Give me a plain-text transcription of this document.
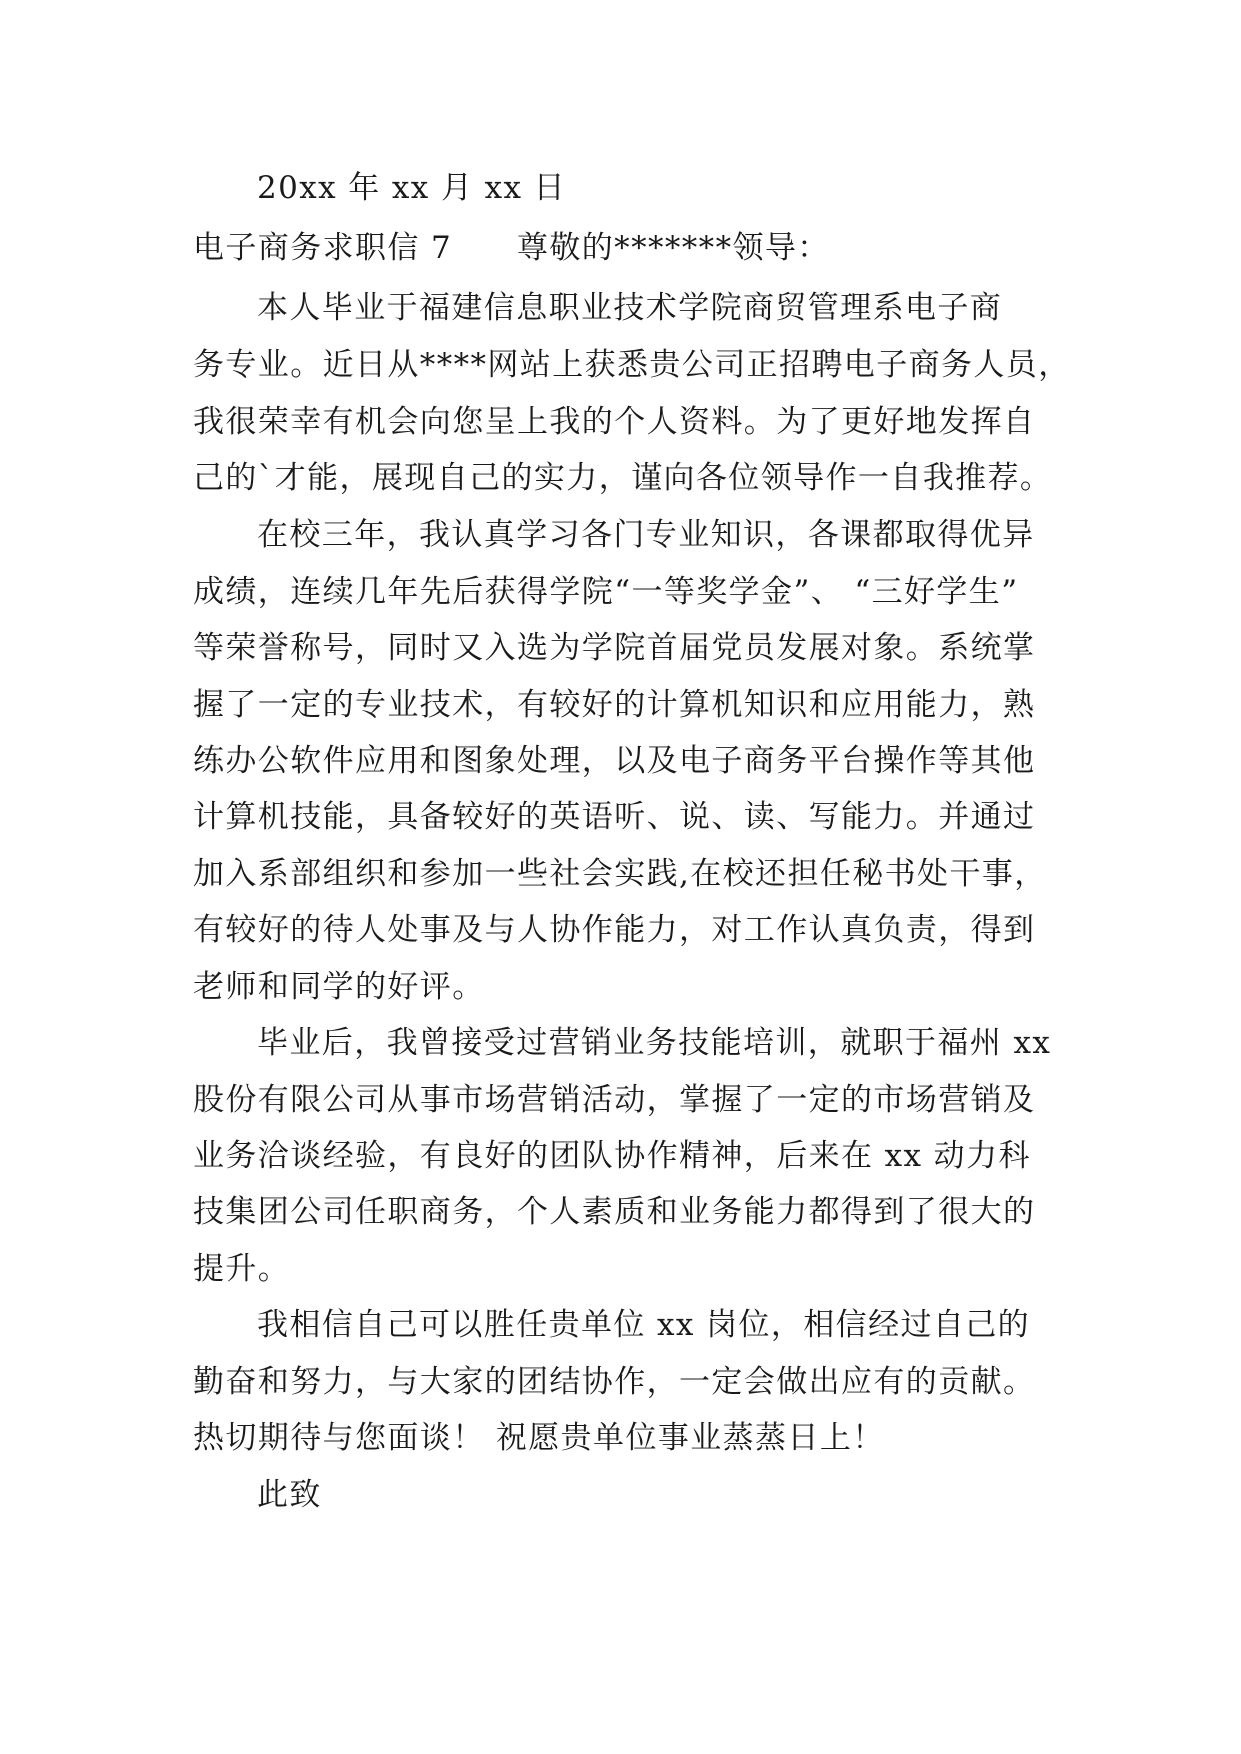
20xx 年 xx 月 xx 日
电子商务求职信 7　　尊敬的*******领导：
本人毕业于福建信息职业技术学院商贸管理系电子商
务专业。近日从****网站上获悉贵公司正招聘电子商务人员，
我很荣幸有机会向您呈上我的个人资料。为了更好地发挥自
己的`才能，展现自己的实力，谨向各位领导作一自我推荐。
在校三年，我认真学习各门专业知识，各课都取得优异
成绩，连续几年先后获得学院“一等奖学金”、 “三好学生”
等荣誉称号，同时又入选为学院首届党员发展对象。系统掌
握了一定的专业技术，有较好的计算机知识和应用能力，熟
练办公软件应用和图象处理，以及电子商务平台操作等其他
计算机技能，具备较好的英语听、说、读、写能力。并通过
加入系部组织和参加一些社会实践,在校还担任秘书处干事，
有较好的待人处事及与人协作能力，对工作认真负责，得到
老师和同学的好评。
毕业后，我曾接受过营销业务技能培训，就职于福州 xx
股份有限公司从事市场营销活动，掌握了一定的市场营销及
业务洽谈经验，有良好的团队协作精神，后来在 xx 动力科
技集团公司任职商务，个人素质和业务能力都得到了很大的
提升。
我相信自己可以胜任贵单位 xx 岗位，相信经过自己的
勤奋和努力，与大家的团结协作，一定会做出应有的贡献。
热切期待与您面谈！ 祝愿贵单位事业蒸蒸日上！
此致
